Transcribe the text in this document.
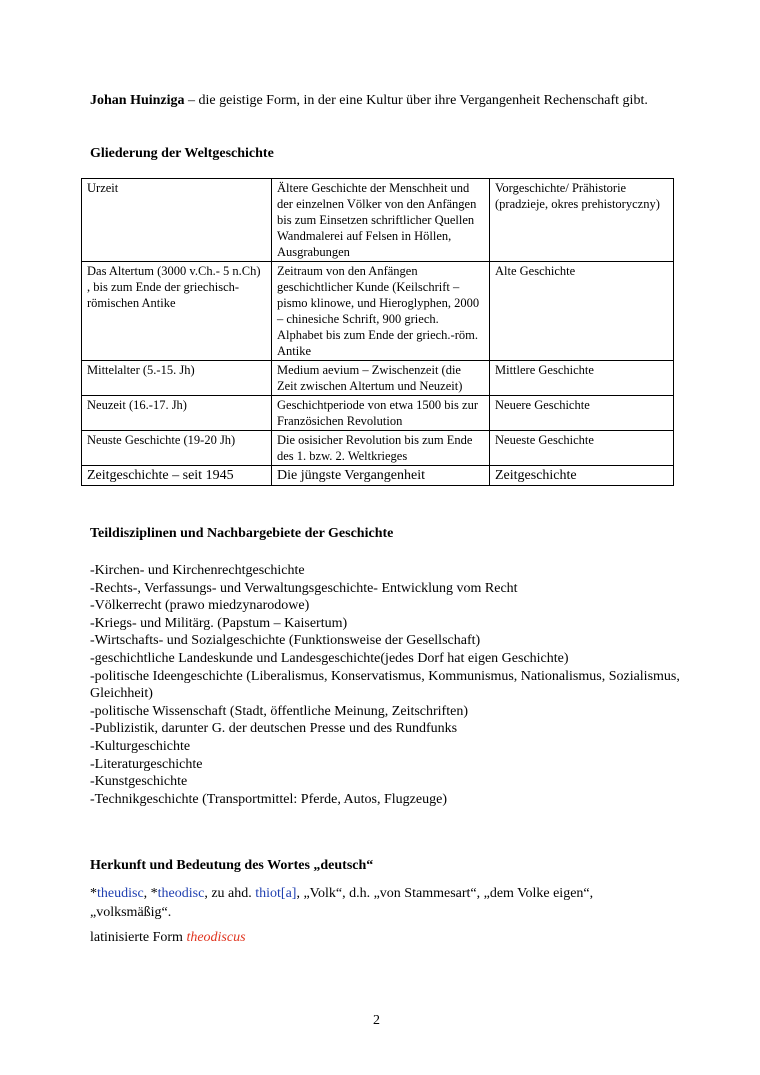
Johan Huinziga – die geistige Form, in der eine Kultur über ihre Vergangenheit Rechenschaft gibt.
Gliederung der Weltgeschichte
Urzeit	Ältere Geschichte der Menschheit und der einzelnen Völker von den Anfängen bis zum Einsetzen schriftlicher Quellen Wandmalerei auf Felsen in Höllen, Ausgrabungen	Vorgeschichte/ Prähistorie (pradzieje, okres prehistoryczny)
Das Altertum (3000 v.Ch.- 5 n.Ch) , bis zum Ende der griechisch-römischen Antike	Zeitraum von den Anfängen geschichtlicher Kunde (Keilschrift – pismo klinowe, und Hieroglyphen, 2000 – chinesiche Schrift, 900 griech. Alphabet bis zum Ende der griech.-röm. Antike	Alte Geschichte
Mittelalter (5.-15. Jh)	Medium aevium – Zwischenzeit (die Zeit zwischen Altertum und Neuzeit)	Mittlere Geschichte
Neuzeit (16.-17. Jh)	Geschichtperiode von etwa 1500 bis zur Französichen Revolution	Neuere Geschichte
Neuste Geschichte (19-20 Jh)	Die osisicher Revolution bis zum Ende des 1. bzw. 2. Weltkrieges	Neueste Geschichte
Zeitgeschichte – seit 1945	Die jüngste Vergangenheit	Zeitgeschichte
Teildisziplinen und Nachbargebiete der Geschichte
-Kirchen- und Kirchenrechtgeschichte
-Rechts-, Verfassungs- und Verwaltungsgeschichte- Entwicklung vom Recht
-Völkerrecht (prawo miedzynarodowe)
-Kriegs- und Militärg. (Papstum – Kaisertum)
-Wirtschafts- und Sozialgeschichte (Funktionsweise der Gesellschaft)
-geschichtliche Landeskunde und Landesgeschichte(jedes Dorf hat eigen Geschichte)
-politische Ideengeschichte (Liberalismus, Konservatismus, Kommunismus, Nationalismus, Sozialismus, Gleichheit)
-politische Wissenschaft (Stadt, öffentliche Meinung, Zeitschriften)
-Publizistik, darunter G. der deutschen Presse und des Rundfunks
-Kulturgeschichte
-Literaturgeschichte
-Kunstgeschichte
-Technikgeschichte (Transportmittel: Pferde, Autos, Flugzeuge)
Herkunft und Bedeutung des Wortes „deutsch“
*theudisc, *theodisc, zu ahd. thiot[a], „Volk“, d.h. „von Stammesart“, „dem Volke eigen“, „volksmäßig“.
latinisierte Form theodiscus
2
